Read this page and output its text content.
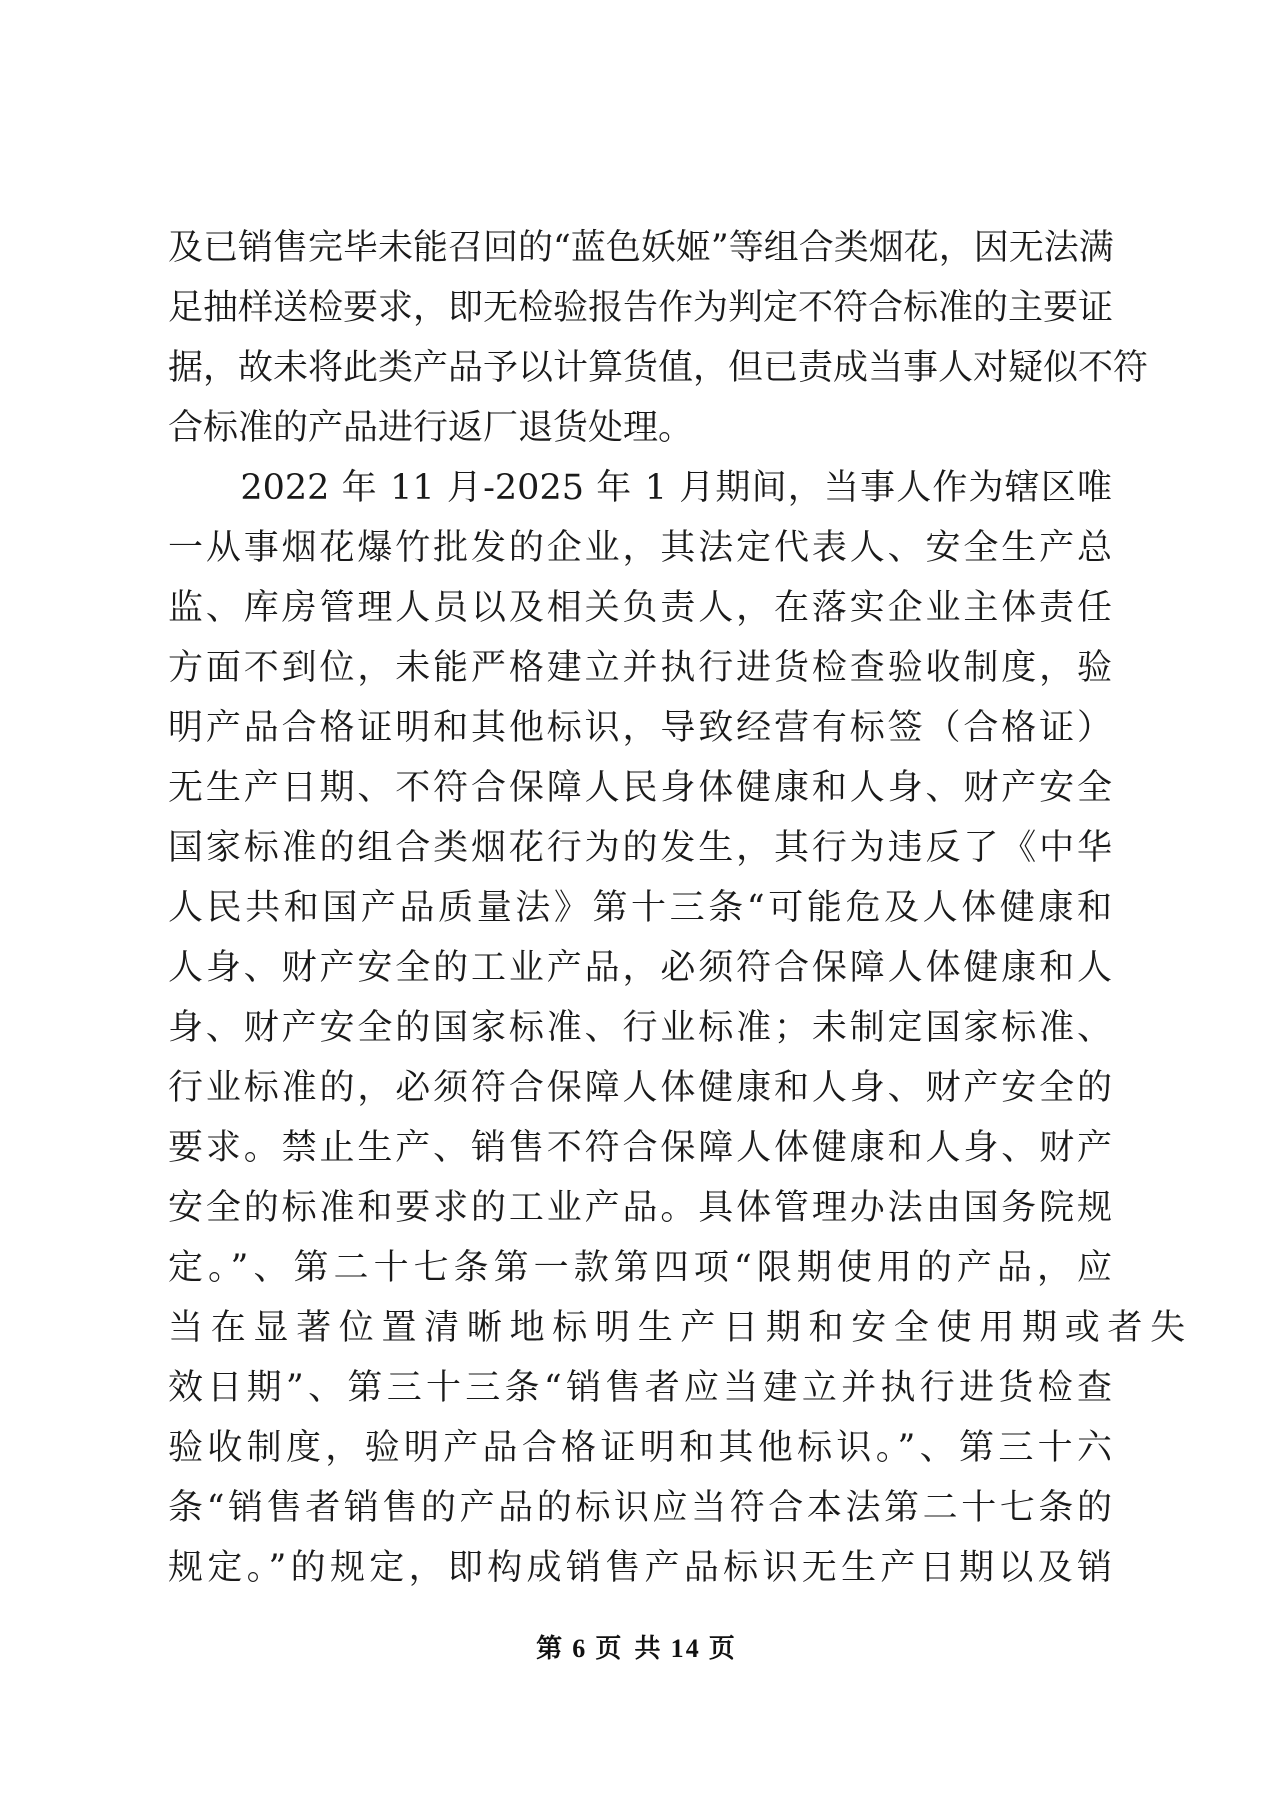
及已销售完毕未能召回的“蓝色妖姬”等组合类烟花，因无法满
足抽样送检要求，即无检验报告作为判定不符合标准的主要证
据，故未将此类产品予以计算货值，但已责成当事人对疑似不符
合标准的产品进行返厂退货处理。
　　2022 年 11 月-2025 年 1 月期间，当事人作为辖区唯
一从事烟花爆竹批发的企业，其法定代表人、安全生产总
监、库房管理人员以及相关负责人，在落实企业主体责任
方面不到位，未能严格建立并执行进货检查验收制度，验
明产品合格证明和其他标识，导致经营有标签（合格证）
无生产日期、不符合保障人民身体健康和人身、财产安全
国家标准的组合类烟花行为的发生，其行为违反了《中华
人民共和国产品质量法》第十三条“可能危及人体健康和
人身、财产安全的工业产品，必须符合保障人体健康和人
身、财产安全的国家标准、行业标准；未制定国家标准、
行业标准的，必须符合保障人体健康和人身、财产安全的
要求。禁止生产、销售不符合保障人体健康和人身、财产
安全的标准和要求的工业产品。具体管理办法由国务院规
定。”、第二十七条第一款第四项“限期使用的产品，应
当在显著位置清晰地标明生产日期和安全使用期或者失
效日期”、第三十三条“销售者应当建立并执行进货检查
验收制度，验明产品合格证明和其他标识。”、第三十六
条“销售者销售的产品的标识应当符合本法第二十七条的
规定。”的规定，即构成销售产品标识无生产日期以及销
第 6 页 共 14 页
